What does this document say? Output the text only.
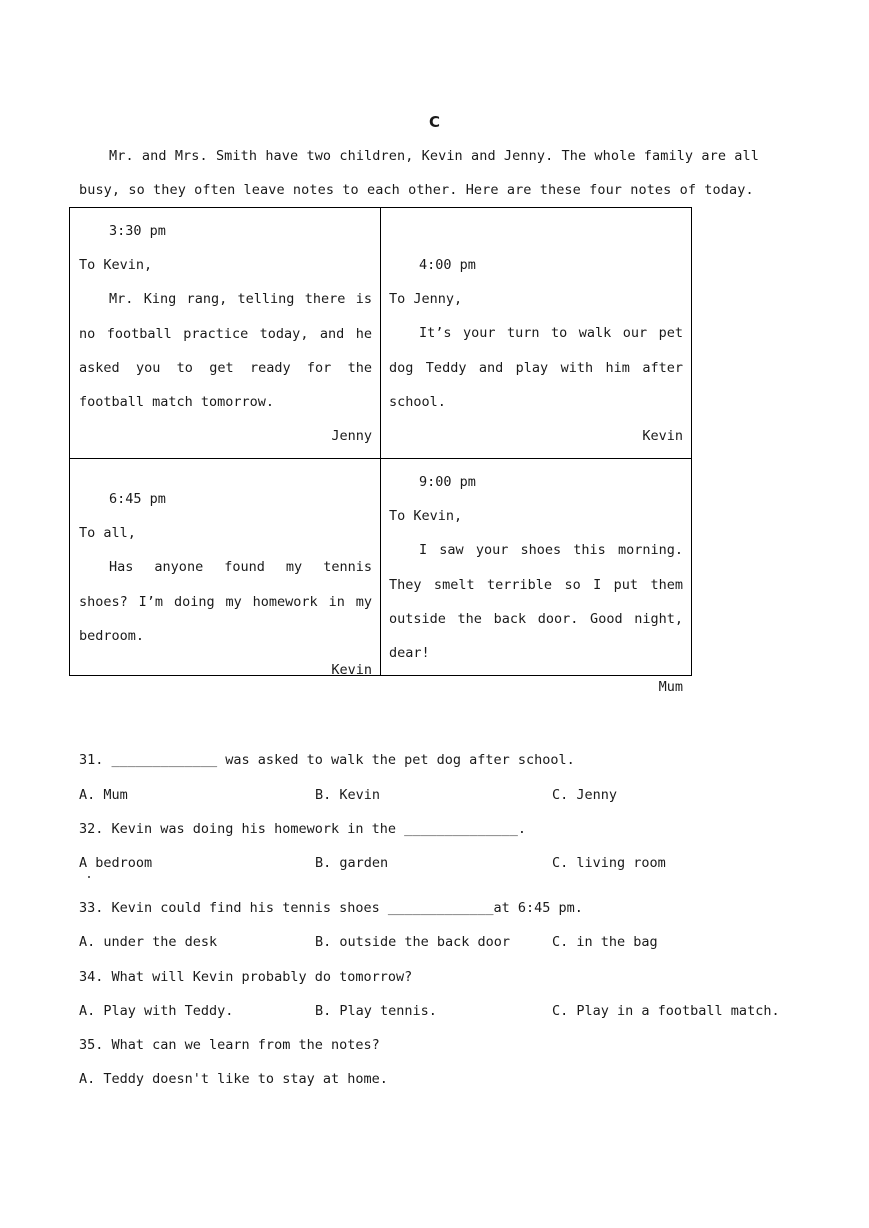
C
Mr. and Mrs. Smith have two children, Kevin and Jenny. The whole family are all busy, so they often leave notes to each other. Here are these four notes of today.
3:30 pm
To Kevin,
Mr. King rang, telling there is no football practice today, and he asked you to get ready for the football match tomorrow.
Jenny
4:00 pm
To Jenny,
It’s your turn to walk our pet dog Teddy and play with him after school.
Kevin
6:45 pm
To all,
Has anyone found my tennis shoes? I’m doing my homework in my bedroom.
Kevin
9:00 pm
To Kevin,
I saw your shoes this morning. They smelt terrible so I put them outside the back door. Good night, dear!
Mum
31. _____________ was asked to walk the pet dog after school.
A. Mum	B. Kevin	C. Jenny
32. Kevin was doing his homework in the ______________.
A bedroom	B. garden	C. living room
33. Kevin could find his tennis shoes _____________at 6:45 pm.
A. under the desk	B. outside the back door	C. in the bag
34. What will Kevin probably do tomorrow?
A. Play with Teddy.	B. Play tennis.	C. Play in a football match.
35. What can we learn from the notes?
A. Teddy doesn't like to stay at home.
